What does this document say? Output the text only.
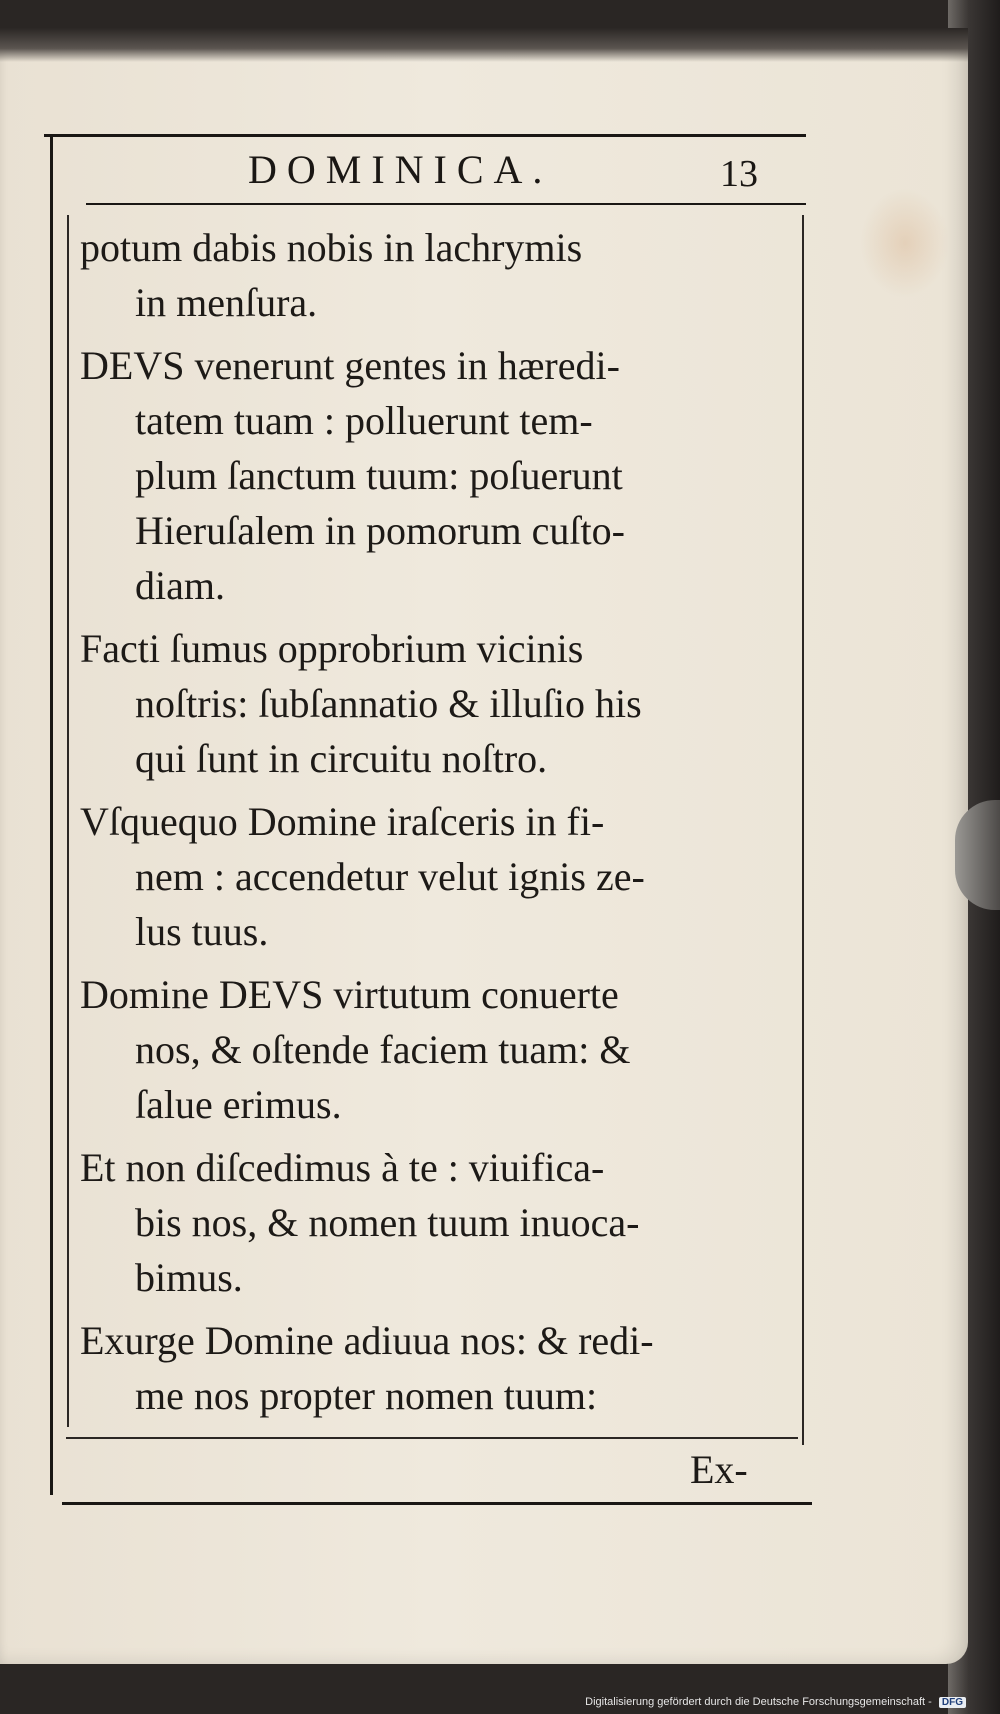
DOMINICA.	13
potum dabis nobis in lachrymis
in menſura.
DEVS venerunt gentes in hæredi-
tatem tuam : polluerunt tem-
plum ſanctum tuum: poſuerunt
Hieruſalem in pomorum cuſto-
diam.
Facti ſumus opprobrium vicinis
noſtris: ſubſannatio & illuſio his
qui ſunt in circuitu noſtro.
Vſquequo Domine iraſceris in fi-
nem : accendetur velut ignis ze-
lus tuus.
Domine DEVS virtutum conuerte
nos, & oſtende faciem tuam: &
ſalue erimus.
Et non diſcedimus à te : viuifica-
bis nos, & nomen tuum inuoca-
bimus.
Exurge Domine adiuua nos: & redi-
me nos propter nomen tuum:
Ex-
Digitalisierung gefördert durch die Deutsche Forschungsgemeinschaft - DFG
